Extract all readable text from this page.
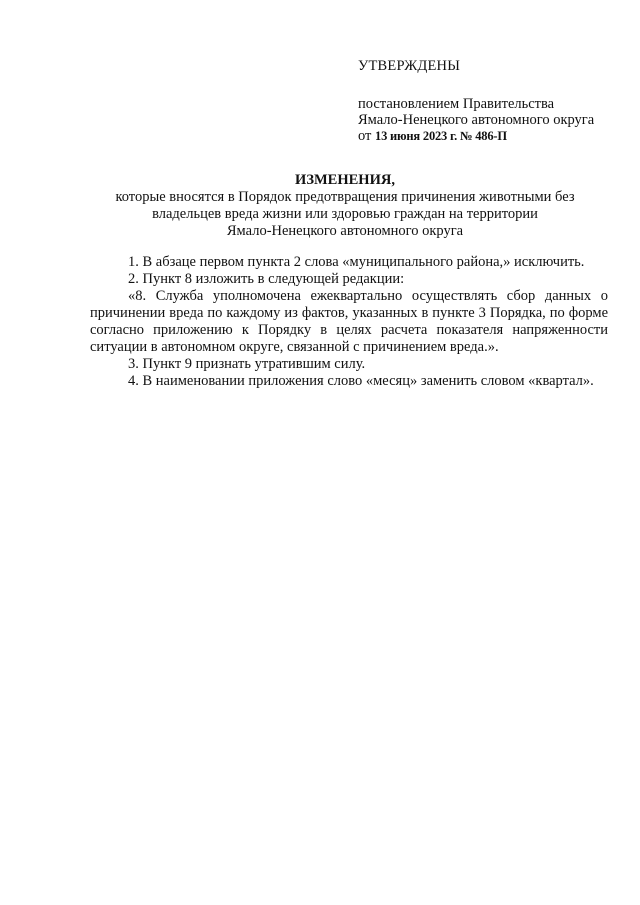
УТВЕРЖДЕНЫ

постановлением Правительства

Ямало-Ненецкого автономного округа

от 13 июня 2023 г. № 486-П

ИЗМЕНЕНИЯ,

которые вносятся в Порядок предотвращения причинения животными без

владельцев вреда жизни или здоровью граждан на территории

Ямало-Ненецкого автономного округа

1. В абзаце первом пункта 2 слова «муниципального района,» исключить.

2. Пункт 8 изложить в следующей редакции:

«8. Служба уполномочена ежеквартально осуществлять сбор данных о причинении вреда по каждому из фактов, указанных в пункте 3 Порядка, по форме согласно приложению к Порядку в целях расчета показателя напряженности ситуации в автономном округе, связанной с причинением вреда.».

3. Пункт 9 признать утратившим силу.

4. В наименовании приложения слово «месяц» заменить словом «квартал».
